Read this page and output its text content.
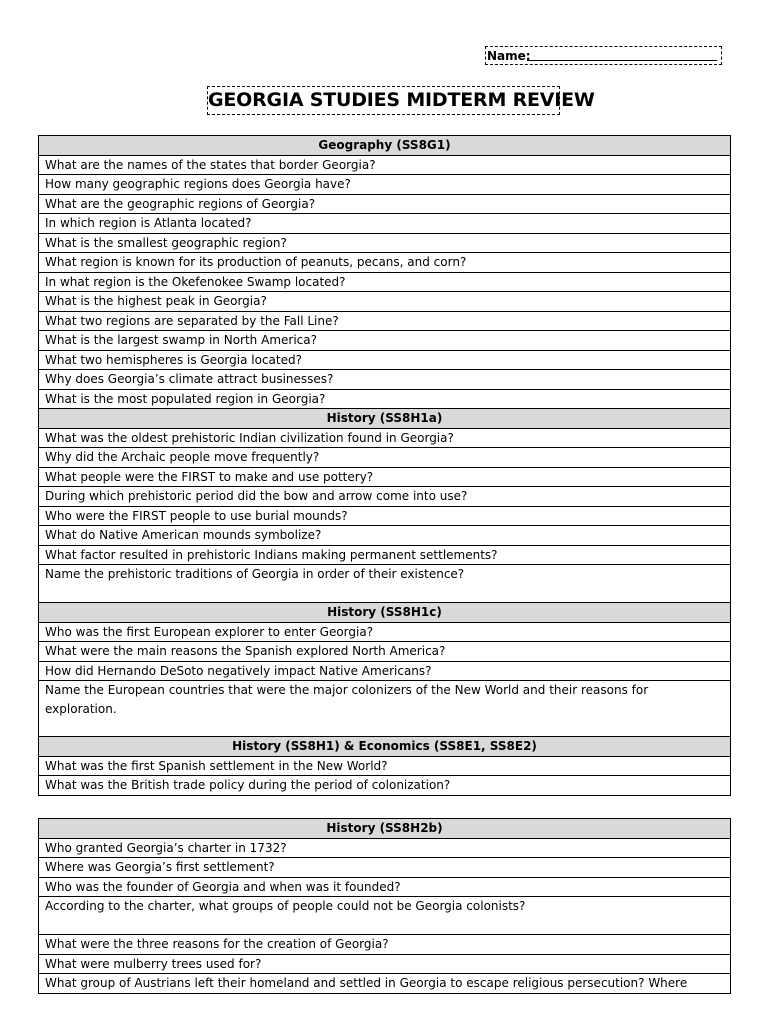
Name:
GEORGIA STUDIES MIDTERM REVIEW
Geography (SS8G1)
What are the names of the states that border Georgia?
How many geographic regions does Georgia have?
What are the geographic regions of Georgia?
In which region is Atlanta located?
What is the smallest geographic region?
What region is known for its production of peanuts, pecans, and corn?
In what region is the Okefenokee Swamp located?
What is the highest peak in Georgia?
What two regions are separated by the Fall Line?
What is the largest swamp in North America?
What two hemispheres is Georgia located?
Why does Georgia’s climate attract businesses?
What is the most populated region in Georgia?
History (SS8H1a)
What was the oldest prehistoric Indian civilization found in Georgia?
Why did the Archaic people move frequently?
What people were the FIRST to make and use pottery?
During which prehistoric period did the bow and arrow come into use?
Who were the FIRST people to use burial mounds?
What do Native American mounds symbolize?
What factor resulted in prehistoric Indians making permanent settlements?
Name the prehistoric traditions of Georgia in order of their existence?
History (SS8H1c)
Who was the first European explorer to enter Georgia?
What were the main reasons the Spanish explored North America?
How did Hernando DeSoto negatively impact Native Americans?
Name the European countries that were the major colonizers of the New World and their reasons for exploration.
History (SS8H1) & Economics (SS8E1, SS8E2)
What was the first Spanish settlement in the New World?
What was the British trade policy during the period of colonization?
History (SS8H2b)
Who granted Georgia’s charter in 1732?
Where was Georgia’s first settlement?
Who was the founder of Georgia and when was it founded?
According to the charter, what groups of people could not be Georgia colonists?
What were the three reasons for the creation of Georgia?
What were mulberry trees used for?
What group of Austrians left their homeland and settled in Georgia to escape religious persecution? Where
